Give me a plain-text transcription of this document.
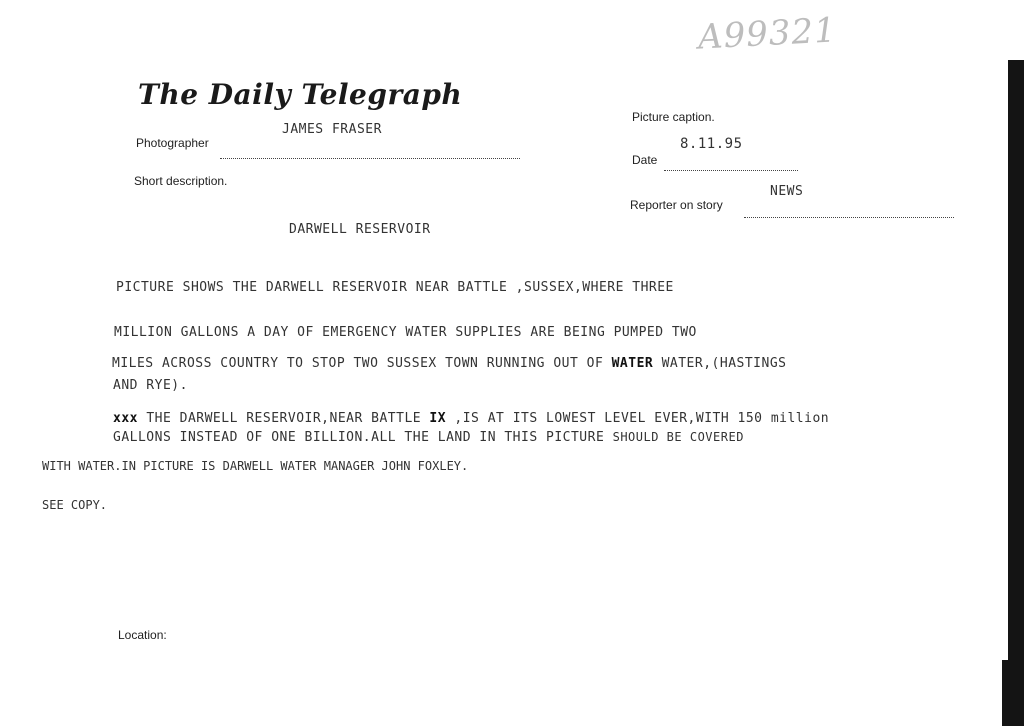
A99321
The Daily Telegraph
JAMES FRASER
Photographer
Short description.
Picture caption.
8.11.95
Date
NEWS
Reporter on story
DARWELL RESERVOIR
PICTURE SHOWS THE DARWELL RESERVOIR NEAR BATTLE ,SUSSEX,WHERE THREE
MILLION GALLONS A DAY OF EMERGENCY WATER SUPPLIES ARE BEING PUMPED TWO
MILES ACROSS COUNTRY TO STOP TWO SUSSEX TOWN RUNNING OUT OF WATER WATER,(HASTINGS
AND RYE).
xxx THE DARWELL RESERVOIR,NEAR BATTLE IX ,IS AT ITS LOWEST LEVEL EVER,WITH 150 million
GALLONS INSTEAD OF ONE BILLION.ALL THE LAND IN THIS PICTURE SHOULD BE COVERED
WITH WATER.IN PICTURE IS DARWELL WATER MANAGER JOHN FOXLEY.
SEE COPY.
Location:
